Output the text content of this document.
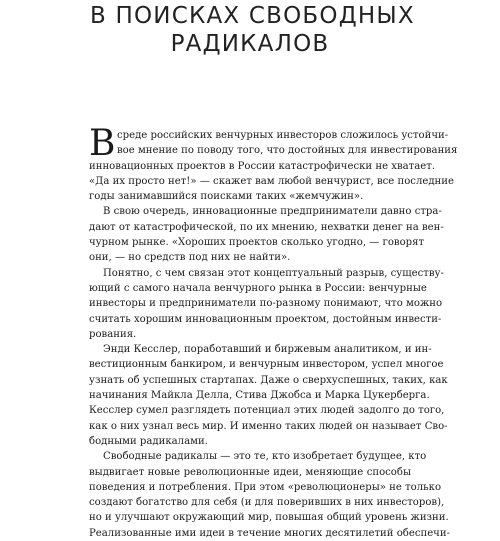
В ПОИСКАХ СВОБОДНЫХ
РАДИКАЛОВ
В среде российских венчурных инвесторов сложилось устойчи-
вое мнение по поводу того, что достойных для инвестирования
инновационных проектов в России катастрофически не хватает.
«Да их просто нет!» — скажет вам любой венчурист, все последние
годы занимавшийся поисками таких «жемчужин».
В свою очередь, инновационные предприниматели давно стра-
дают от катастрофической, по их мнению, нехватки денег на вен-
чурном рынке. «Хороших проектов сколько угодно, — говорят
они, — но средств под них не найти».
Понятно, с чем связан этот концептуальный разрыв, существу-
ющий с самого начала венчурного рынка в России: венчурные
инвесторы и предприниматели по-разному понимают, что можно
считать хорошим инновационным проектом, достойным инвести-
рования.
Энди Кесслер, поработавший и биржевым аналитиком, и ин-
вестиционным банкиром, и венчурным инвестором, успел многое
узнать об успешных стартапах. Даже о сверхуспешных, таких, как
начинания Майкла Делла, Стива Джобса и Марка Цукерберга.
Кесслер сумел разглядеть потенциал этих людей задолго до того,
как о них узнал весь мир. И именно таких людей он называет Сво-
бодными радикалами.
Свободные радикалы — это те, кто изобретает будущее, кто
выдвигает новые революционные идеи, меняющие способы
поведения и потребления. При этом «революционеры» не только
создают богатство для себя (и для поверивших в них инвесторов),
но и улучшают окружающий мир, повышая общий уровень жизни.
Реализованные ими идеи в течение многих десятилетий обеспечи-
